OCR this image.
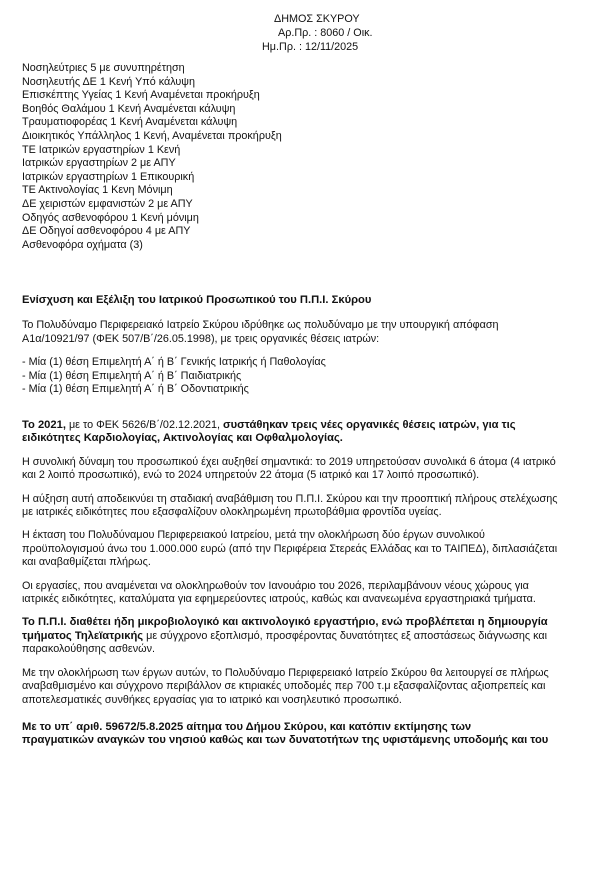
ΔΗΜΟΣ ΣΚΥΡΟΥ
Αρ.Πρ. : 8060 / Οικ.
Ημ.Πρ. : 12/11/2025
Νοσηλεύτριες 5 με συνυπηρέτηση
Νοσηλευτής ΔΕ 1 Κενή Υπό κάλυψη
Επισκέπτης Υγείας 1 Κενή Αναμένεται προκήρυξη
Βοηθός Θαλάμου 1 Κενή Αναμένεται κάλυψη
Τραυματιοφορέας 1 Κενή Αναμένεται κάλυψη
Διοικητικός Υπάλληλος 1 Κενή, Αναμένεται προκήρυξη
ΤΕ Ιατρικών εργαστηρίων 1 Κενή
Ιατρικών εργαστηρίων 2 με ΑΠΥ
Ιατρικών εργαστηρίων 1 Επικουρική
ΤΕ Ακτινολογίας 1 Κενη Μόνιμη
ΔΕ χειριστών εμφανιστών 2 με ΑΠΥ
Οδηγός ασθενοφόρου 1 Κενή μόνιμη
ΔΕ Οδηγοί ασθενοφόρου 4 με ΑΠΥ
Ασθενοφόρα οχήματα (3)
Ενίσχυση και Εξέλιξη του Ιατρικού Προσωπικού του Π.Π.Ι. Σκύρου

Το Πολυδύναμο Περιφερειακό Ιατρείο Σκύρου ιδρύθηκε ως πολυδύναμο με την υπουργική απόφαση
Α1α/10921/97 (ΦΕΚ 507/Β΄/26.05.1998), με τρεις οργανικές θέσεις ιατρών:

- Μία (1) θέση Επιμελητή Α΄ ή Β΄ Γενικής Ιατρικής ή Παθολογίας
- Μία (1) θέση Επιμελητή Α΄ ή Β΄ Παιδιατρικής
- Μία (1) θέση Επιμελητή Α΄ ή Β΄ Οδοντιατρικής

Το 2021, με το ΦΕΚ 5626/Β΄/02.12.2021, συστάθηκαν τρεις νέες οργανικές θέσεις ιατρών, για τις
ειδικότητες Καρδιολογίας, Ακτινολογίας και Οφθαλμολογίας.

Η συνολική δύναμη του προσωπικού έχει αυξηθεί σημαντικά: το 2019 υπηρετούσαν συνολικά 6 άτομα (4 ιατρικό
και 2 λοιπό προσωπικό), ενώ το 2024 υπηρετούν 22 άτομα (5 ιατρικό και 17 λοιπό προσωπικό).

Η αύξηση αυτή αποδεικνύει τη σταδιακή αναβάθμιση του Π.Π.Ι. Σκύρου και την προοπτική πλήρους στελέχωσης
με ιατρικές ειδικότητες που εξασφαλίζουν ολοκληρωμένη πρωτοβάθμια φροντίδα υγείας.

Η έκταση του Πολυδύναμου Περιφερειακού Ιατρείου, μετά την ολοκλήρωση δύο έργων συνολικού
προϋπολογισμού άνω του 1.000.000 ευρώ (από την Περιφέρεια Στερεάς Ελλάδας και το ΤΑΙΠΕΔ), διπλασιάζεται
και αναβαθμίζεται πλήρως.

Οι εργασίες, που αναμένεται να ολοκληρωθούν τον Ιανουάριο του 2026, περιλαμβάνουν νέους χώρους για
ιατρικές ειδικότητες, καταλύματα για εφημερεύοντες ιατρούς, καθώς και ανανεωμένα εργαστηριακά τμήματα.

Το Π.Π.Ι. διαθέτει ήδη μικροβιολογικό και ακτινολογικό εργαστήριο, ενώ προβλέπεται η δημιουργία
τμήματος Τηλεϊατρικής με σύγχρονο εξοπλισμό, προσφέροντας δυνατότητες εξ αποστάσεως διάγνωσης και
παρακολούθησης ασθενών.

Με την ολοκλήρωση των έργων αυτών, το Πολυδύναμο Περιφερειακό Ιατρείο Σκύρου θα λειτουργεί σε πλήρως
αναβαθμισμένο και σύγχρονο περιβάλλον σε κτιριακές υποδομές περ 700 τ.μ εξασφαλίζοντας αξιοπρεπείς και
αποτελεσματικές συνθήκες εργασίας για το ιατρικό και νοσηλευτικό προσωπικό.

Με το υπ΄ αριθ. 59672/5.8.2025 αίτημα του Δήμου Σκύρου, και κατόπιν εκτίμησης των
πραγματικών αναγκών του νησιού καθώς και των δυνατοτήτων της υφιστάμενης υποδομής και του
